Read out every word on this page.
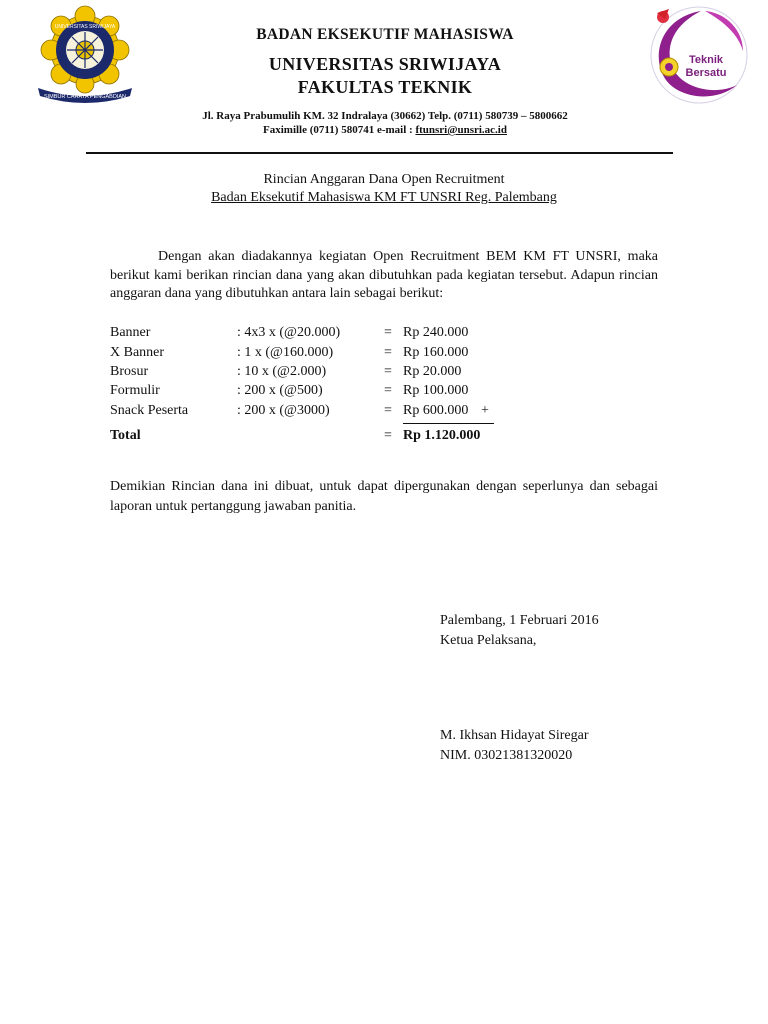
SIMBUR CAHAYA PENGABDIAN
UNIVERSITAS SRIWIJAYA
Teknik
Bersatu
BADAN EKSEKUTIF MAHASISWA
UNIVERSITAS SRIWIJAYA
FAKULTAS TEKNIK
Jl. Raya Prabumulih KM. 32 Indralaya (30662) Telp. (0711) 580739 – 5800662
Faximille (0711) 580741 e-mail : ftunsri@unsri.ac.id
Rincian Anggaran Dana Open Recruitment
Badan Eksekutif Mahasiswa KM FT UNSRI Reg. Palembang
Dengan akan diadakannya kegiatan Open Recruitment BEM KM FT UNSRI, maka berikut kami berikan rincian dana yang akan dibutuhkan pada kegiatan tersebut. Adapun rincian anggaran dana yang dibutuhkan antara lain sebagai berikut:
Banner	: 4x3 x (@20.000)	= Rp 240.000
X Banner	: 1 x (@160.000)	= Rp 160.000
Brosur	: 10 x (@2.000)	= Rp 20.000
Formulir	: 200 x (@500)	= Rp 100.000
Snack Peserta	: 200 x (@3000)	= Rp 600.000 +
Total	= Rp 1.120.000
Demikian Rincian dana ini dibuat, untuk dapat dipergunakan dengan seperlunya dan sebagai laporan untuk pertanggung jawaban panitia.
Palembang, 1 Februari 2016
Ketua Pelaksana,
M. Ikhsan Hidayat Siregar
NIM. 03021381320020
